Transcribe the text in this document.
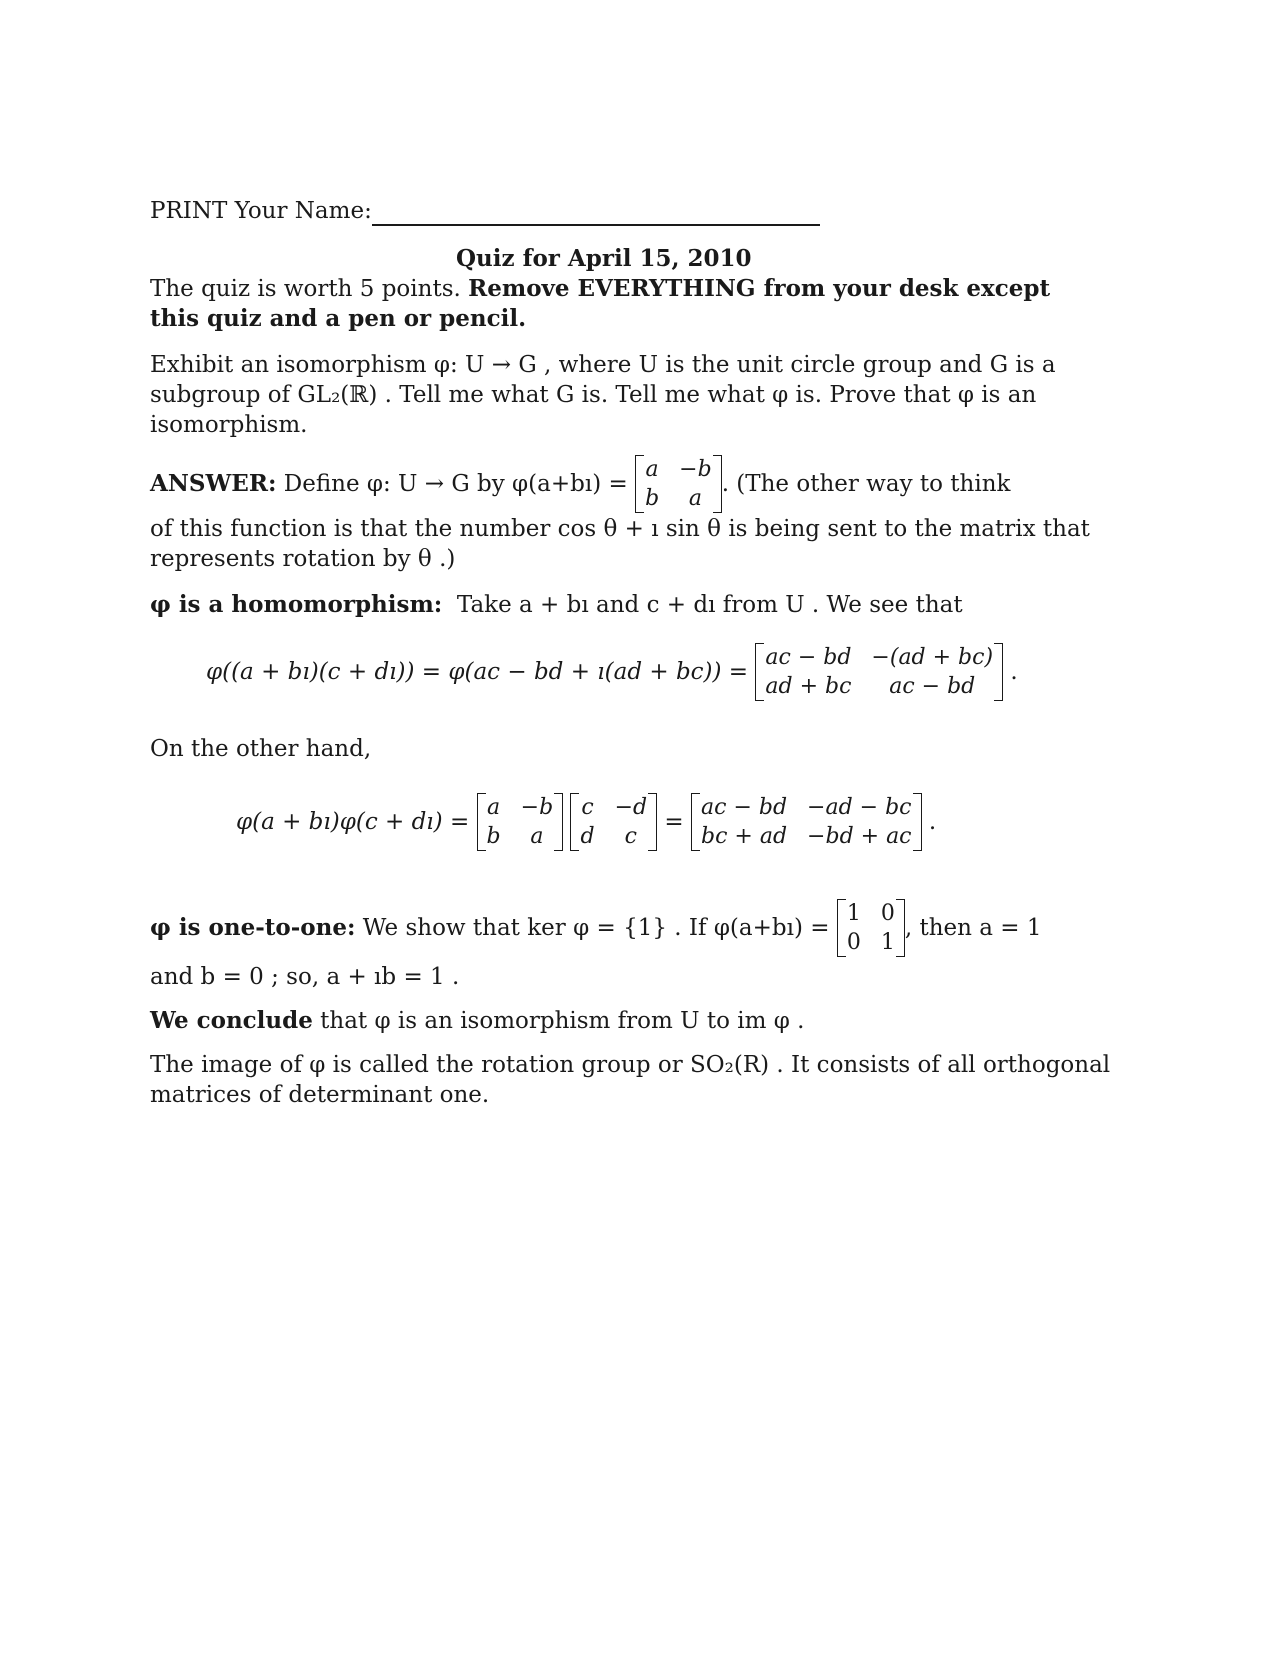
PRINT Your Name:
Quiz for April 15, 2010
The quiz is worth 5 points. Remove EVERYTHING from your desk except
this quiz and a pen or pencil.
Exhibit an isomorphism φ: U → G , where U is the unit circle group and G is a
subgroup of GL₂(ℝ) . Tell me what G is. Tell me what φ is. Prove that φ is an
isomorphism.
ANSWER:
Define φ: U → G by φ(a+bı) =

a	−b
b	a
. (The other way to think
of this function is that the number cos θ + ı sin θ is being sent to the matrix that
represents rotation by θ .)
φ is a homomorphism: Take a + bı and c + dı from U . We see that
φ((a + bı)(c + dı)) = φ(ac − bd + ı(ad + bc)) =

ac − bd	−(ad + bc)
ad + bc	ac − bd
.
On the other hand,
φ(a + bı)φ(c + dı) =

a	−b
b	a

c	−d
d	c

=

ac − bd	−ad − bc
bc + ad	−bd + ac
.
φ is one-to-one:
We show that ker φ = {1} . If φ(a+bı) =

1	0
0	1
, then a = 1
and b = 0 ; so, a + ıb = 1 .
We conclude that φ is an isomorphism from U to im φ .
The image of φ is called the rotation group or SO₂(R) . It consists of all orthogonal
matrices of determinant one.
